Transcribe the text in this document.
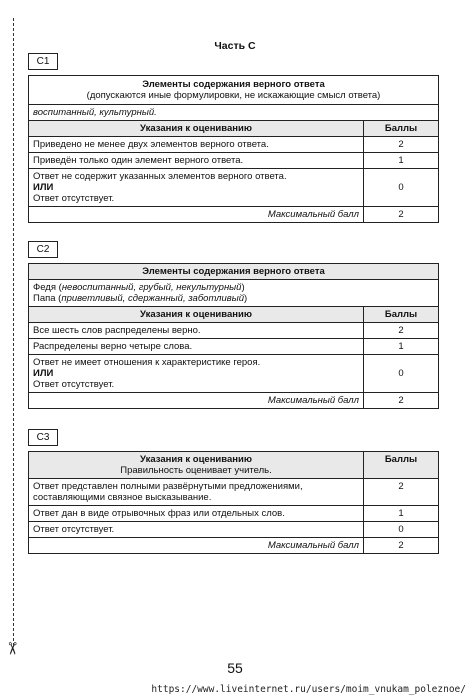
✂
Часть С
С1
Элементы содержания верного ответа
(допускаются иные формулировки, не искажающие смысл ответа)	

воспитанный, культурный.	
Указания к оцениванию	Баллы
Приведено не менее двух элементов верного ответа.	2
Приведён только один элемент верного ответа.	1

Ответ не содержит указанных элементов верного ответа.
ИЛИ
Ответ отсутствует.	0
Максимальный балл	2
С2
Элементы содержания верного ответа	

Федя (невоспитанный, грубый, некультурный)
Папа (приветливый, сдержанный, заботливый)	

Указания к оцениванию	Баллы
Все шесть слов распределены верно.	2
Распределены верно четыре слова.	1

Ответ не имеет отношения к характеристике героя.
ИЛИ
Ответ отсутствует.	0
Максимальный балл	2
С3
Указания к оцениванию
Правильность оценивает учитель.	Баллы
Ответ представлен полными развёрнутыми предложениями, составляющими связное высказывание.	2
Ответ дан в виде отрывочных фраз или отдельных слов.	1
Ответ отсутствует.	0
Максимальный балл	2
55
https://www.liveinternet.ru/users/moim_vnukam_poleznoe/
